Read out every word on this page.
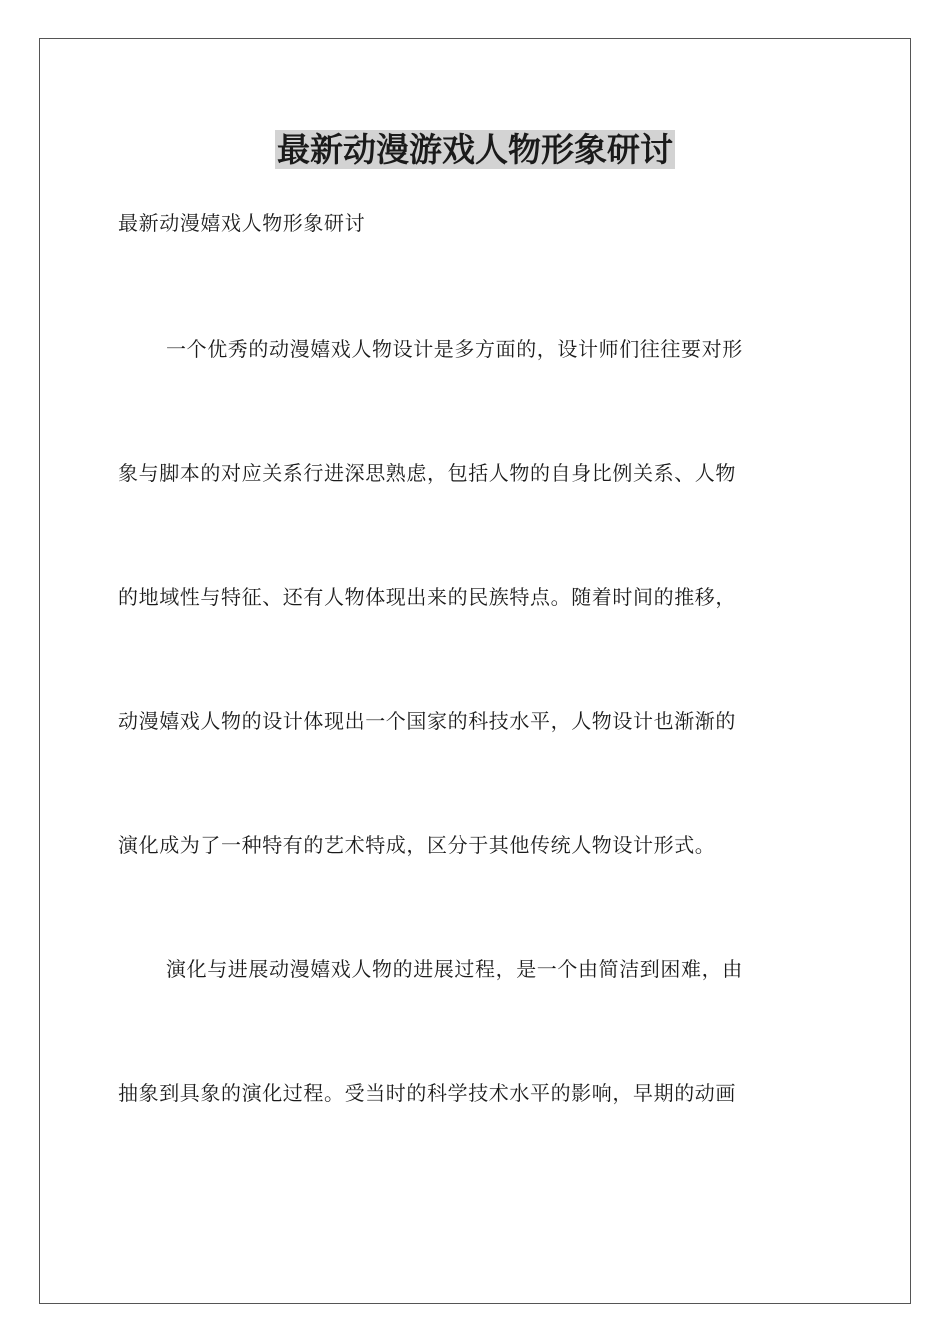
最新动漫游戏人物形象研讨

最新动漫嬉戏人物形象研讨

一个优秀的动漫嬉戏人物设计是多方面的，设计师们往往要对形

象与脚本的对应关系行进深思熟虑，包括人物的自身比例关系、人物

的地域性与特征、还有人物体现出来的民族特点。随着时间的推移，

动漫嬉戏人物的设计体现出一个国家的科技水平，人物设计也渐渐的

演化成为了一种特有的艺术特成，区分于其他传统人物设计形式。

演化与进展动漫嬉戏人物的进展过程，是一个由简洁到困难，由

抽象到具象的演化过程。受当时的科学技术水平的影响，早期的动画
